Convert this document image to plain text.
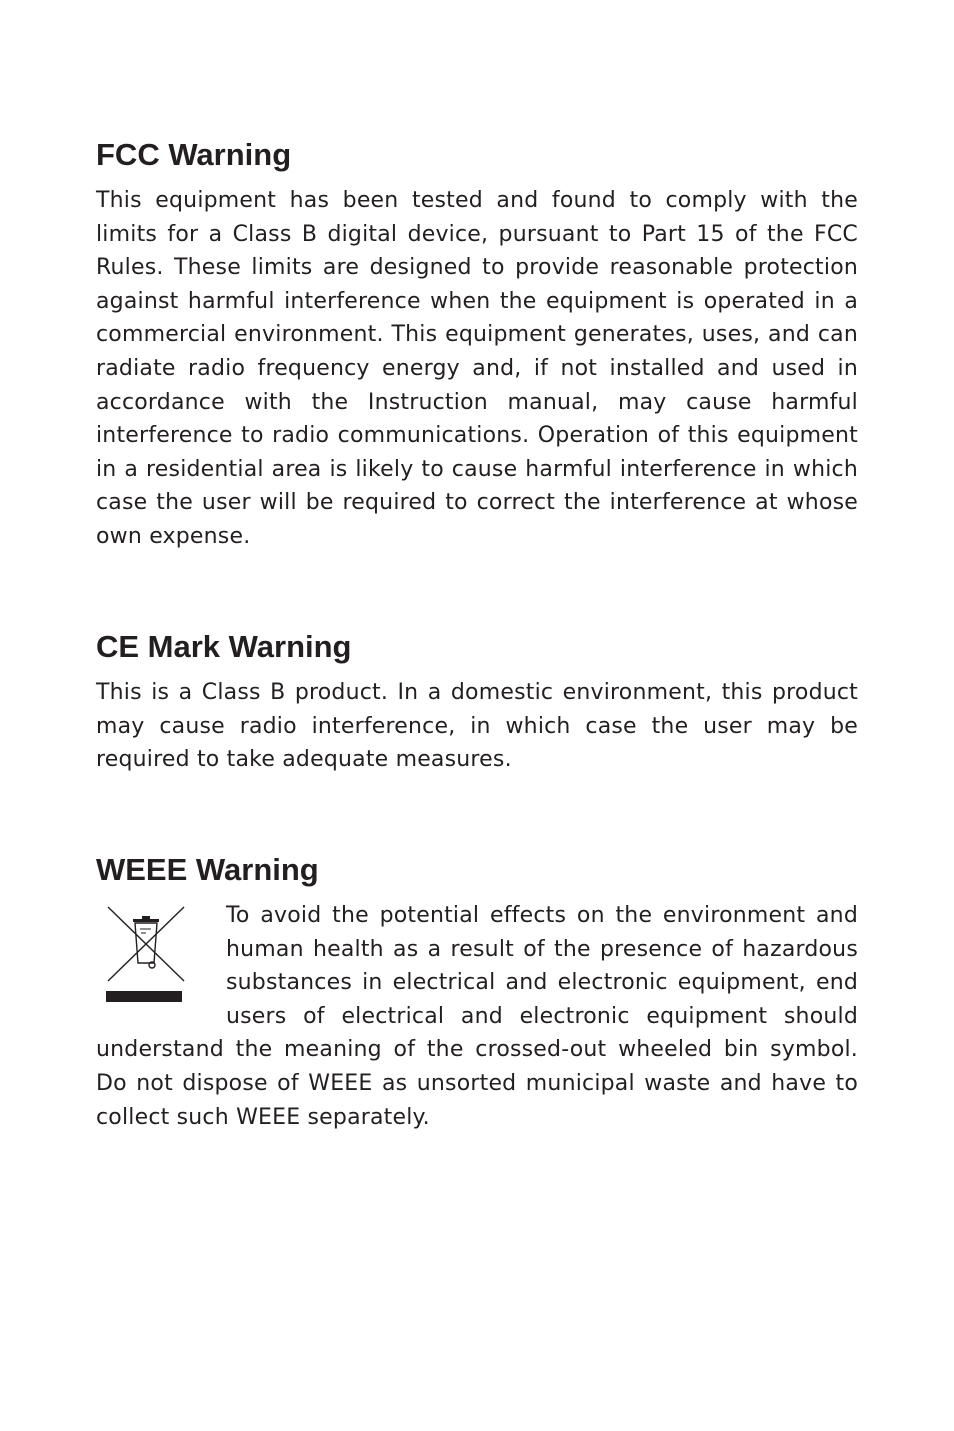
FCC Warning

This equipment has been tested and found to comply with the limits for a Class B digital device, pursuant to Part 15 of the FCC Rules. These limits are designed to provide reasonable protection against harmful interference when the equipment is operated in a commercial environment. This equipment generates, uses, and can radiate radio frequency energy and, if not installed and used in accordance with the Instruction manual, may cause harmful interference to radio communications. Operation of this equipment in a residential area is likely to cause harmful interference in which case the user will be required to correct the interference at whose own expense.

CE Mark Warning

This is a Class B product. In a domestic environment, this product may cause radio interference, in which case the user may be required to take adequate measures.

WEEE Warning
To avoid the potential effects on the environment and human health as a result of the presence of hazardous substances in electrical and electronic equipment, end users of electrical and electronic equipment should understand the meaning of the crossed-out wheeled bin symbol. Do not dispose of WEEE as unsorted municipal waste and have to collect such WEEE separately.
